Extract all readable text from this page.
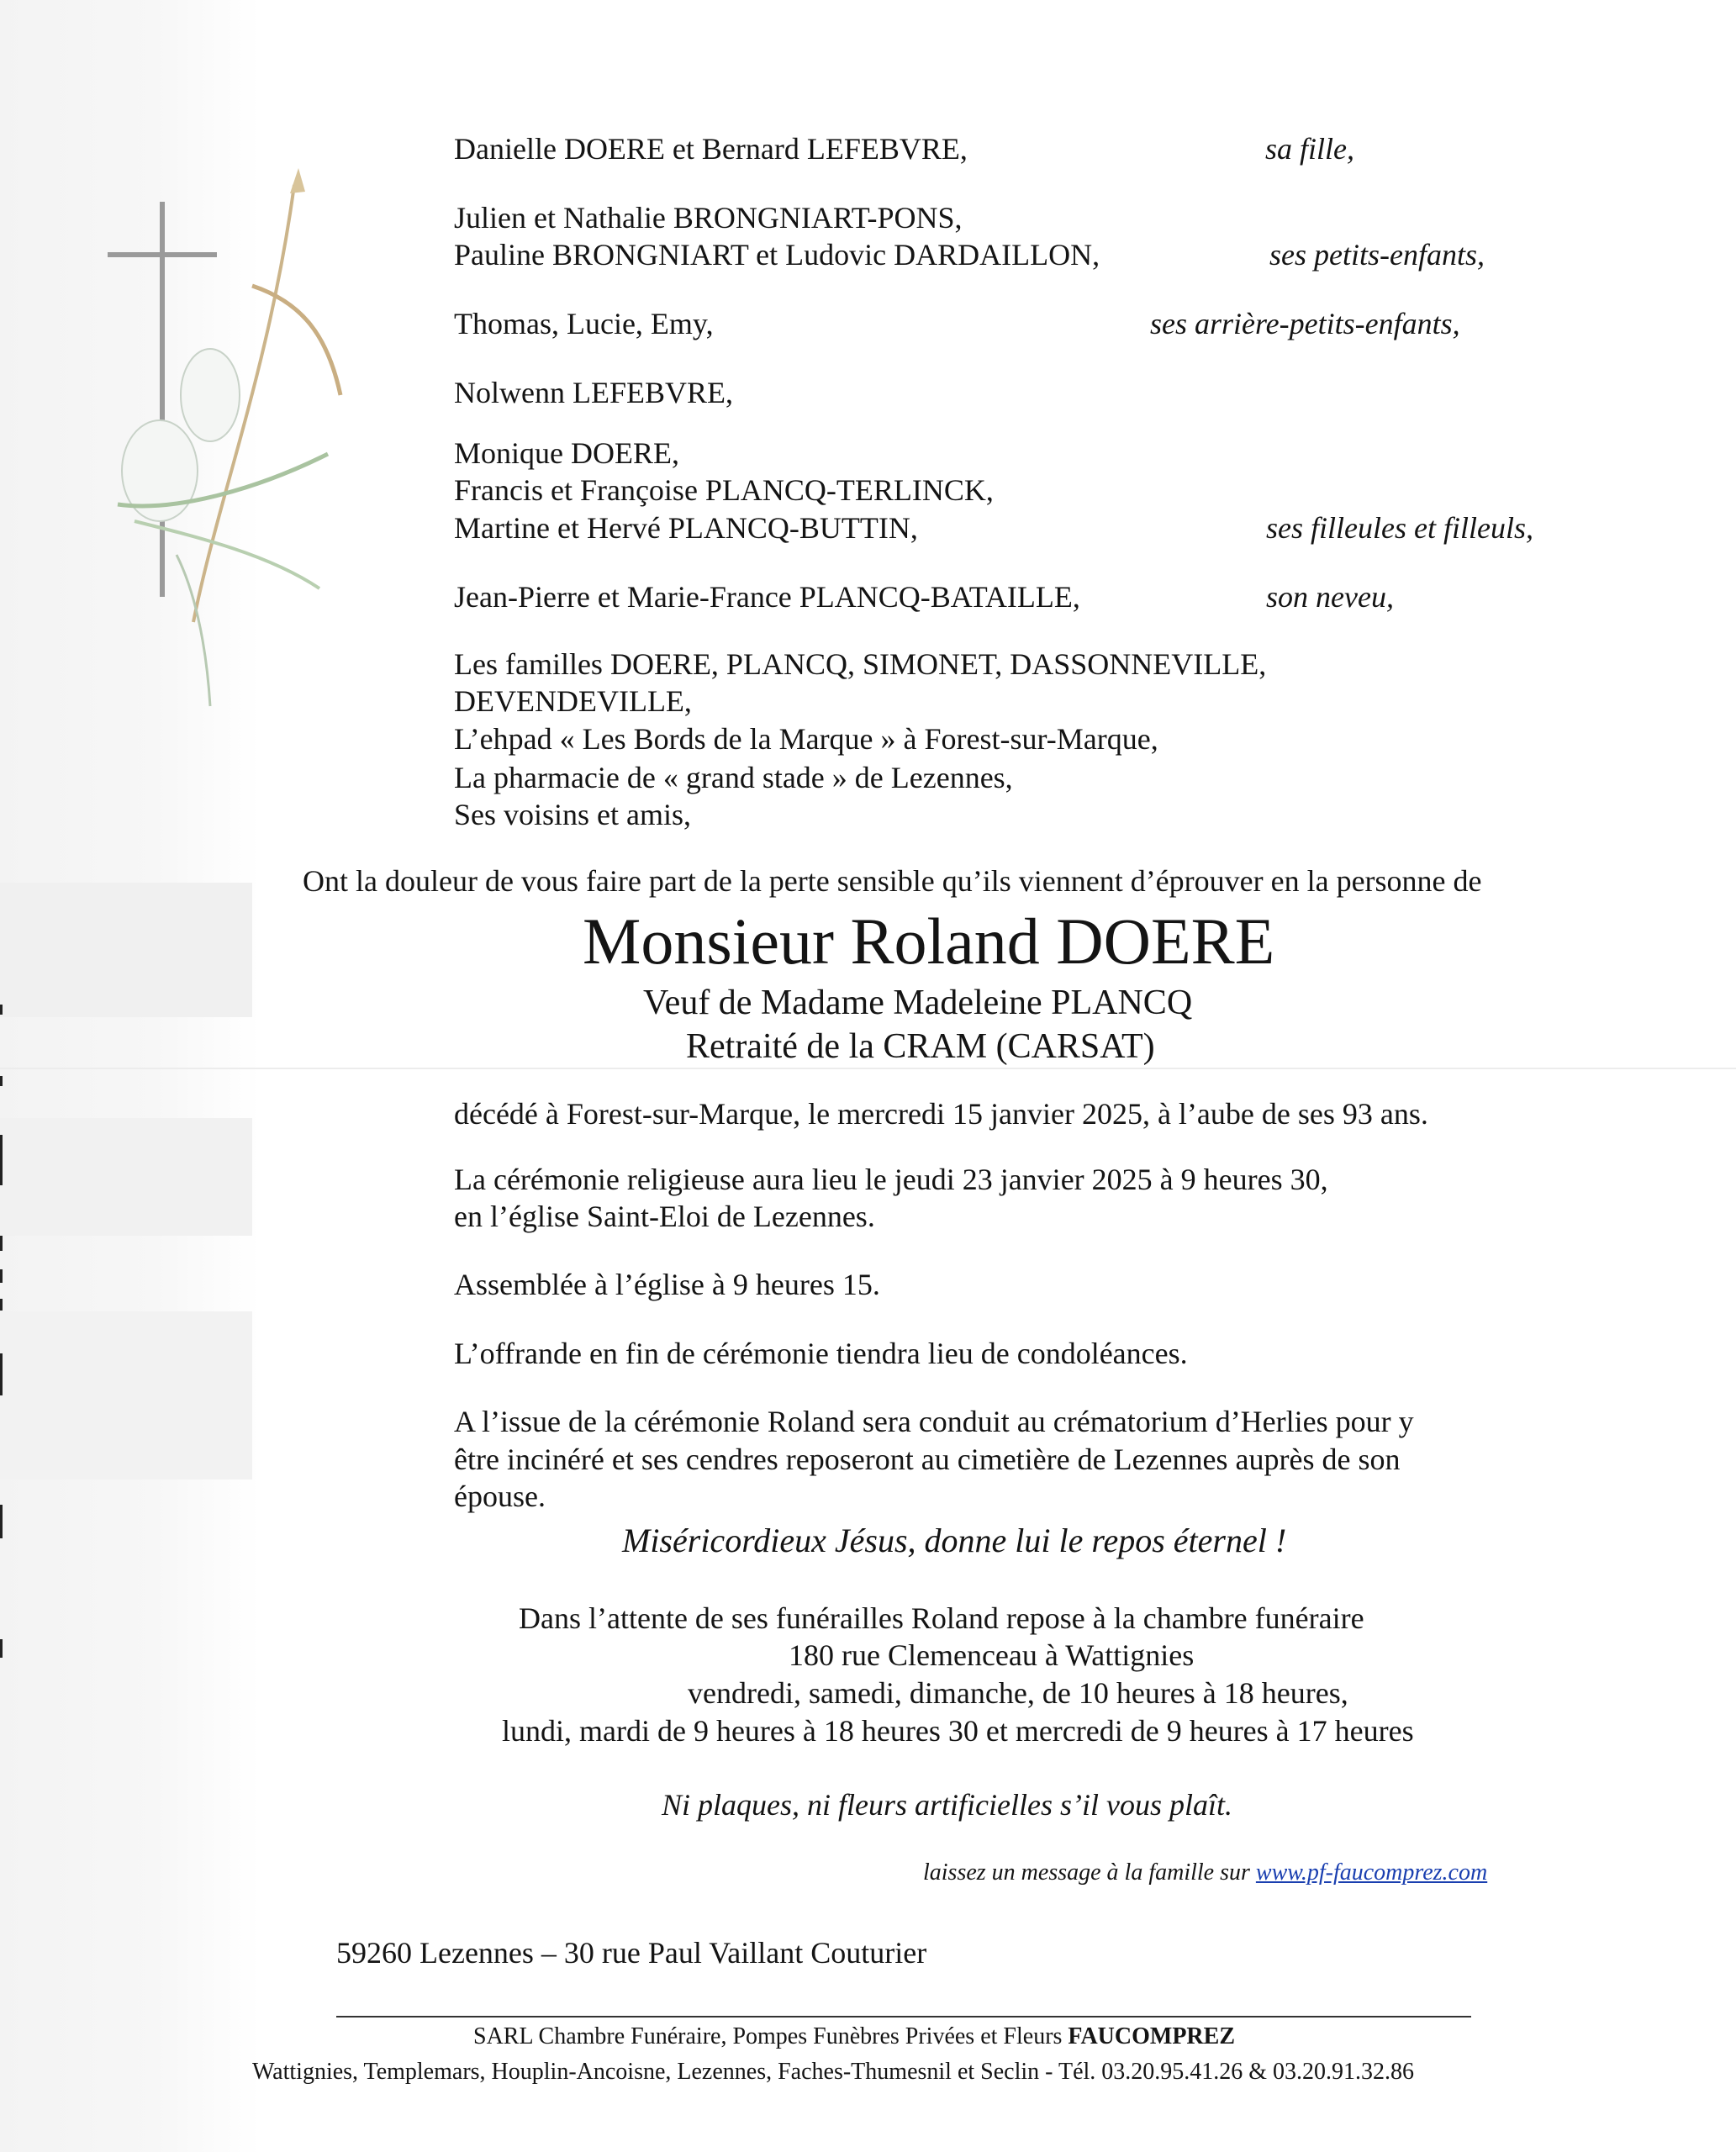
Danielle DOERE et Bernard LEFEBVRE,	sa fille,
Julien et Nathalie BRONGNIART-PONS,
Pauline BRONGNIART et Ludovic DARDAILLON,	ses petits-enfants,
Thomas, Lucie, Emy,	ses arrière-petits-enfants,
Nolwenn LEFEBVRE,
Monique DOERE,
Francis et Françoise PLANCQ-TERLINCK,
Martine et Hervé PLANCQ-BUTTIN,	ses filleules et filleuls,
Jean-Pierre et Marie-France PLANCQ-BATAILLE,	son neveu,
Les familles DOERE, PLANCQ, SIMONET, DASSONNEVILLE,
DEVENDEVILLE,
L’ehpad « Les Bords de la Marque » à Forest-sur-Marque,
La pharmacie de « grand stade » de Lezennes,
Ses voisins et amis,
Ont la douleur de vous faire part de la perte sensible qu’ils viennent d’éprouver en la personne de
Monsieur Roland DOERE
Veuf de Madame Madeleine PLANCQ
Retraité de la CRAM (CARSAT)
décédé à Forest-sur-Marque, le mercredi 15 janvier 2025, à l’aube de ses 93 ans.
La cérémonie religieuse aura lieu le jeudi 23 janvier 2025 à 9 heures 30,
en l’église Saint-Eloi de Lezennes.
Assemblée à l’église à 9 heures 15.
L’offrande en fin de cérémonie tiendra lieu de condoléances.
A l’issue de la cérémonie Roland sera conduit au crématorium d’Herlies pour y
être incinéré et ses cendres reposeront au cimetière de Lezennes auprès de son
épouse.
Miséricordieux Jésus, donne lui le repos éternel !
Dans l’attente de ses funérailles Roland repose à la chambre funéraire
180 rue Clemenceau à Wattignies
vendredi, samedi, dimanche, de 10 heures à 18 heures,
lundi, mardi de 9 heures à 18 heures 30 et mercredi de 9 heures à 17 heures
Ni plaques, ni fleurs artificielles s’il vous plaît.
laissez un message à la famille sur www.pf-faucomprez.com
59260 Lezennes – 30 rue Paul Vaillant Couturier
SARL Chambre Funéraire, Pompes Funèbres Privées et Fleurs FAUCOMPREZ
Wattignies, Templemars, Houplin-Ancoisne, Lezennes, Faches-Thumesnil et Seclin - Tél. 03.20.95.41.26 & 03.20.91.32.86
